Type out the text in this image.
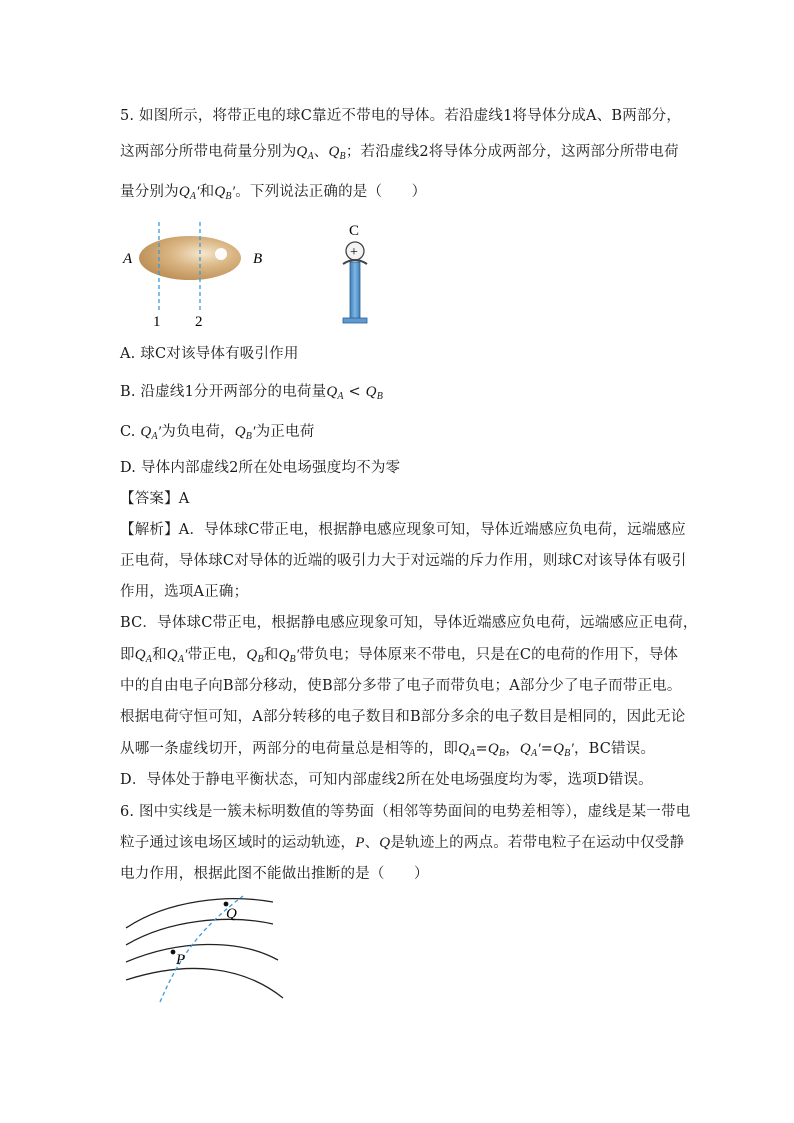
5. 如图所示，将带正电的球C靠近不带电的导体。若沿虚线1将导体分成A、B两部分，
这两部分所带电荷量分别为$Q_A$、$Q_B$；若沿虚线2将导体分成两部分，这两部分所带电荷
量分别为$Q_A'$和$Q_B'$。下列说法正确的是（　　）
A	B
1 2
C
+
A. 球C对该导体有吸引作用
B. 沿虚线1分开两部分的电荷量$Q_A < Q_B$
C. $Q_A'$为负电荷，$Q_B'$为正电荷
D. 导体内部虚线2所在处电场强度均不为零
【答案】A
【解析】A．导体球C带正电，根据静电感应现象可知，导体近端感应负电荷，远端感应
正电荷，导体球C对导体的近端的吸引力大于对远端的斥力作用，则球C对该导体有吸引
作用，选项A正确；
BC．导体球C带正电，根据静电感应现象可知，导体近端感应负电荷，远端感应正电荷，
即$Q_A$和$Q_A'$带正电，$Q_B$和$Q_B'$带负电；导体原来不带电，只是在C的电荷的作用下，导体
中的自由电子向B部分移动，使B部分多带了电子而带负电；A部分少了电子而带正电。
根据电荷守恒可知，A部分转移的电子数目和B部分多余的电子数目是相同的，因此无论
从哪一条虚线切开，两部分的电荷量总是相等的，即$Q_A=Q_B$，$Q_A'=Q_B'$，BC错误。
D．导体处于静电平衡状态，可知内部虚线2所在处电场强度均为零，选项D错误。
6. 图中实线是一簇未标明数值的等势面（相邻等势面间的电势差相等），虚线是某一带电
粒子通过该电场区域时的运动轨迹，P、Q是轨迹上的两点。若带电粒子在运动中仅受静
电力作用，根据此图不能做出推断的是（　　）
Q
P
